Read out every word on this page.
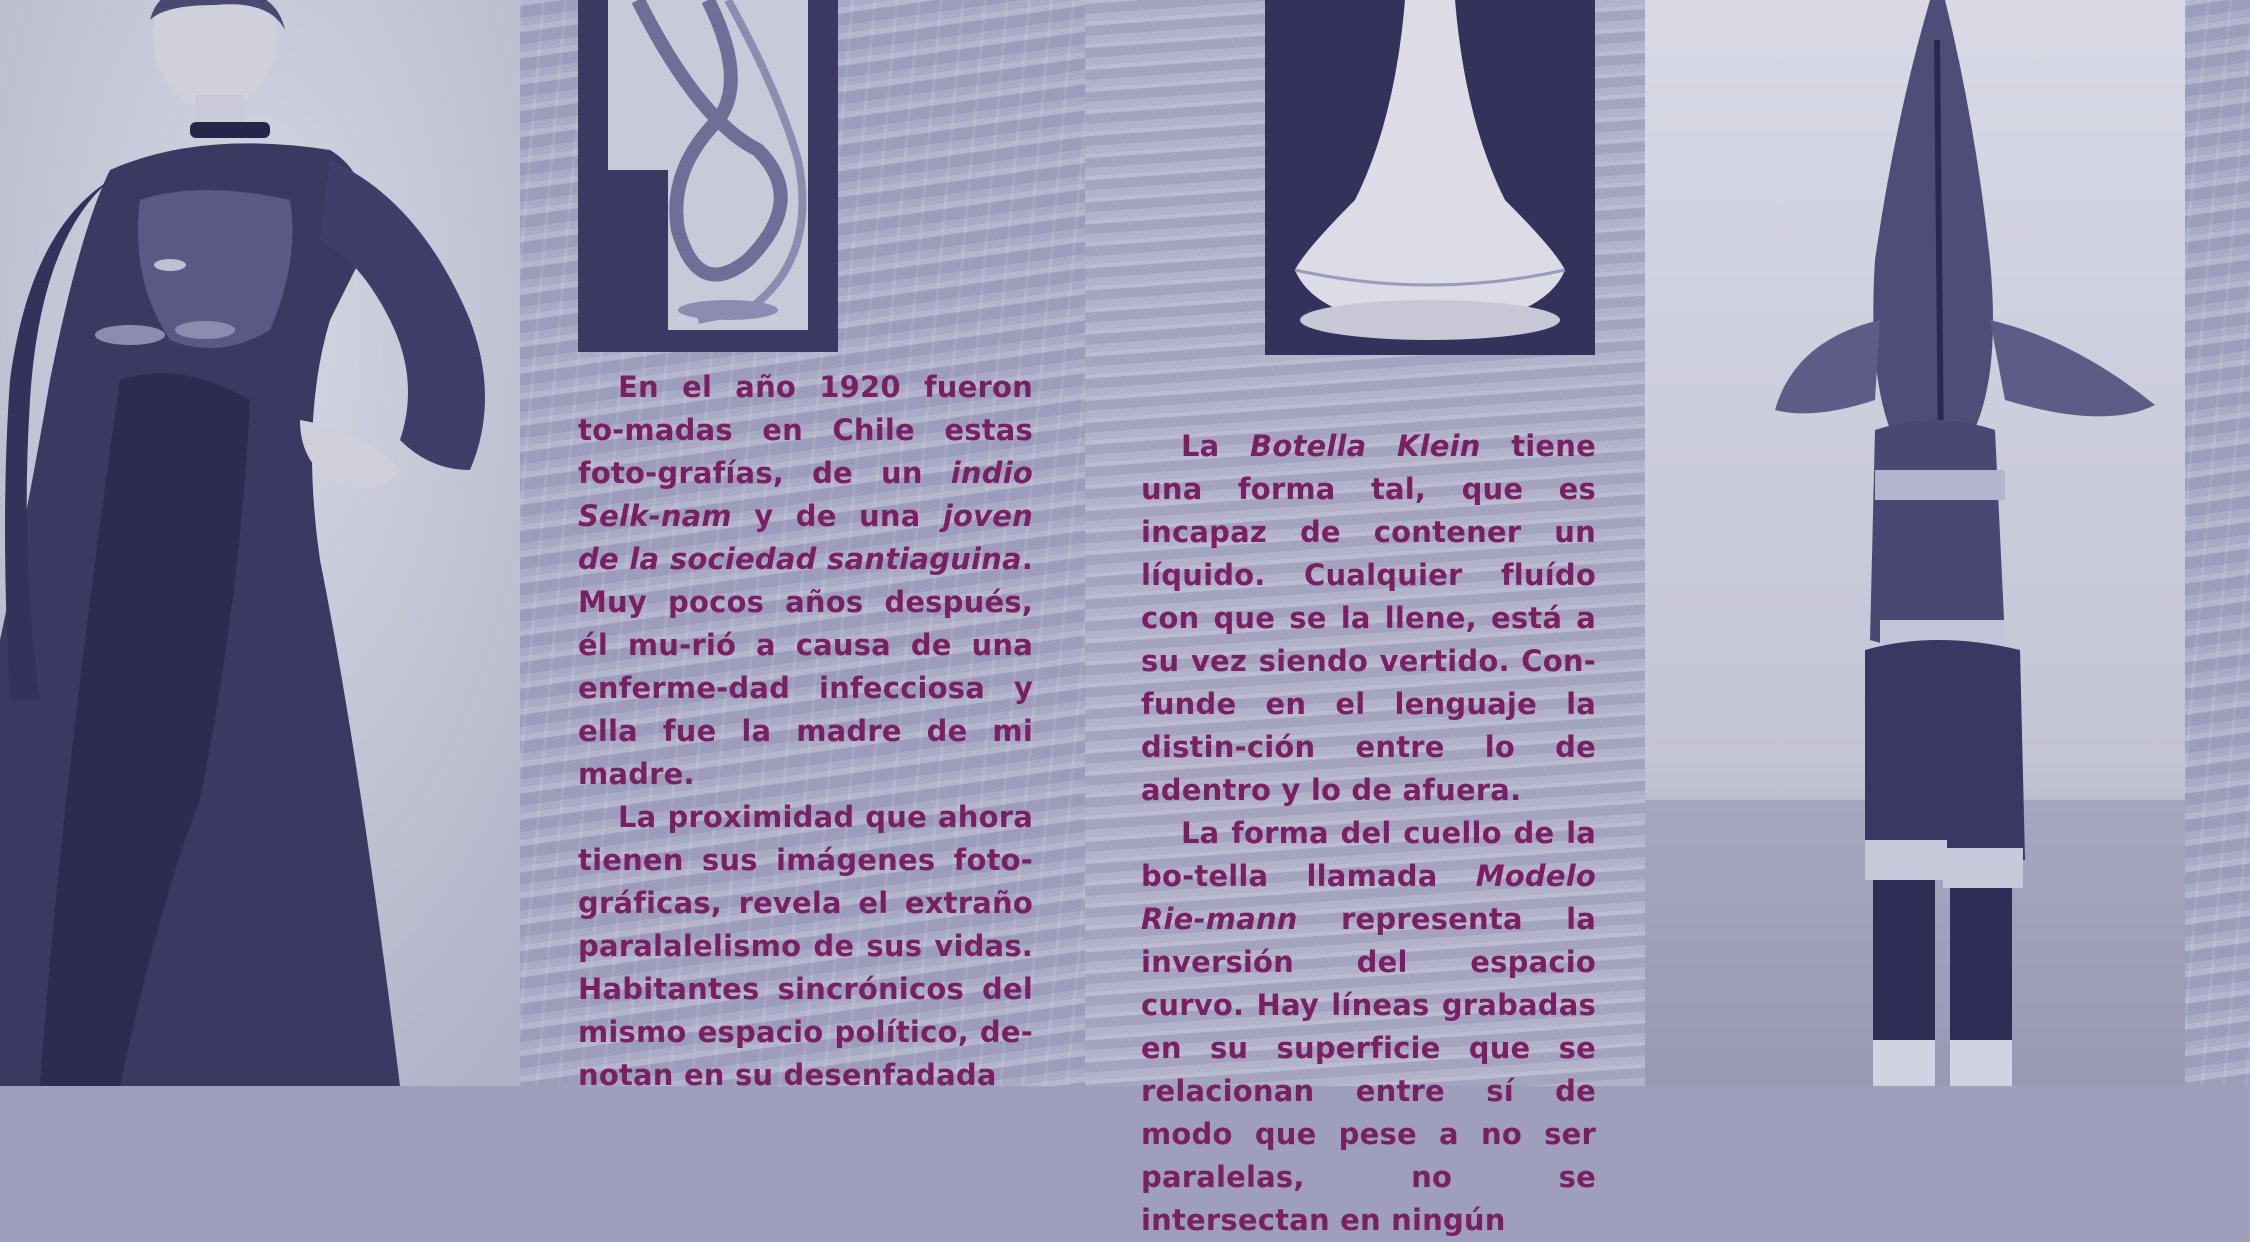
En el año 1920 fueron to-madas en Chile estas foto-grafías, de un indio Selk-nam y de una joven de la sociedad santiaguina. Muy pocos años después, él mu-rió a causa de una enferme-dad infecciosa y ella fue la madre de mi madre.

La proximidad que ahora tienen sus imágenes foto-gráficas, revela el extraño paralalelismo de sus vidas. Habitantes sincrónicos del mismo espacio político, de-notan en su desenfadada

La Botella Klein tiene una forma tal, que es incapaz de contener un líquido. Cualquier fluído con que se la llene, está a su vez siendo vertido. Con-funde en el lenguaje la distin-ción entre lo de adentro y lo de afuera.

La forma del cuello de la bo-tella llamada Modelo Rie-mann representa la inversión del espacio curvo. Hay líneas grabadas en su superficie que se relacionan entre sí de modo que pese a no ser paralelas, no se intersectan en ningún
